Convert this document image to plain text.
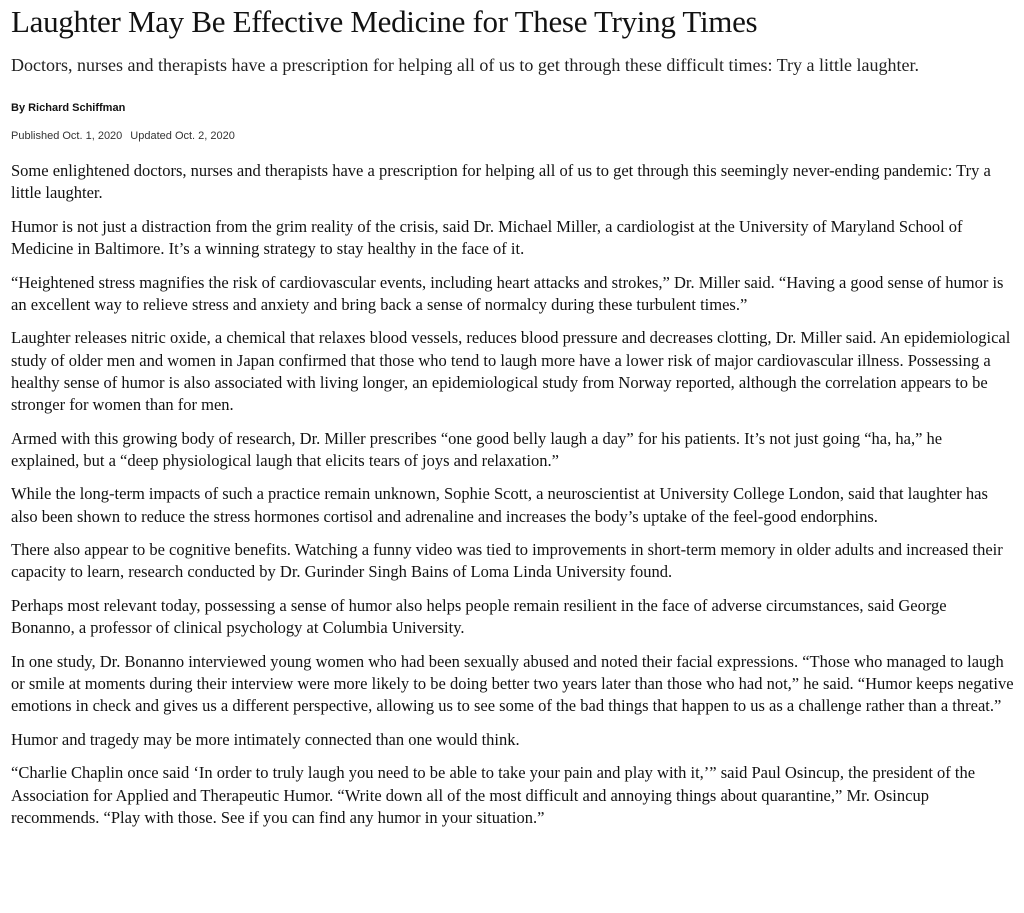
Laughter May Be Effective Medicine for These Trying Times

Doctors, nurses and therapists have a prescription for helping all of us to get through these difficult times: Try a little laughter.

By Richard Schiffman
Published Oct. 1, 2020 Updated Oct. 2, 2020

Some enlightened doctors, nurses and therapists have a prescription for helping all of us to get through this seemingly never-ending pandemic: Try a little laughter.

Humor is not just a distraction from the grim reality of the crisis, said Dr. Michael Miller, a cardiologist at the University of Maryland School of Medicine in Baltimore. It’s a winning strategy to stay healthy in the face of it.

“Heightened stress magnifies the risk of cardiovascular events, including heart attacks and strokes,” Dr. Miller said. “Having a good sense of humor is an excellent way to relieve stress and anxiety and bring back a sense of normalcy during these turbulent times.”

Laughter releases nitric oxide, a chemical that relaxes blood vessels, reduces blood pressure and decreases clotting, Dr. Miller said. An epidemiological study of older men and women in Japan confirmed that those who tend to laugh more have a lower risk of major cardiovascular illness. Possessing a healthy sense of humor is also associated with living longer, an epidemiological study from Norway reported, although the correlation appears to be stronger for women than for men.

Armed with this growing body of research, Dr. Miller prescribes “one good belly laugh a day” for his patients. It’s not just going “ha, ha,” he explained, but a “deep physiological laugh that elicits tears of joys and relaxation.”

While the long-term impacts of such a practice remain unknown, Sophie Scott, a neuroscientist at University College London, said that laughter has also been shown to reduce the stress hormones cortisol and adrenaline and increases the body’s uptake of the feel-good endorphins.

There also appear to be cognitive benefits. Watching a funny video was tied to improvements in short-term memory in older adults and increased their capacity to learn, research conducted by Dr. Gurinder Singh Bains of Loma Linda University found.

Perhaps most relevant today, possessing a sense of humor also helps people remain resilient in the face of adverse circumstances, said George Bonanno, a professor of clinical psychology at Columbia University.

In one study, Dr. Bonanno interviewed young women who had been sexually abused and noted their facial expressions. “Those who managed to laugh or smile at moments during their interview were more likely to be doing better two years later than those who had not,” he said. “Humor keeps negative emotions in check and gives us a different perspective, allowing us to see some of the bad things that happen to us as a challenge rather than a threat.”

Humor and tragedy may be more intimately connected than one would think.

“Charlie Chaplin once said ‘In order to truly laugh you need to be able to take your pain and play with it,’” said Paul Osincup, the president of the Association for Applied and Therapeutic Humor. “Write down all of the most difficult and annoying things about quarantine,” Mr. Osincup recommends. “Play with those. See if you can find any humor in your situation.”
